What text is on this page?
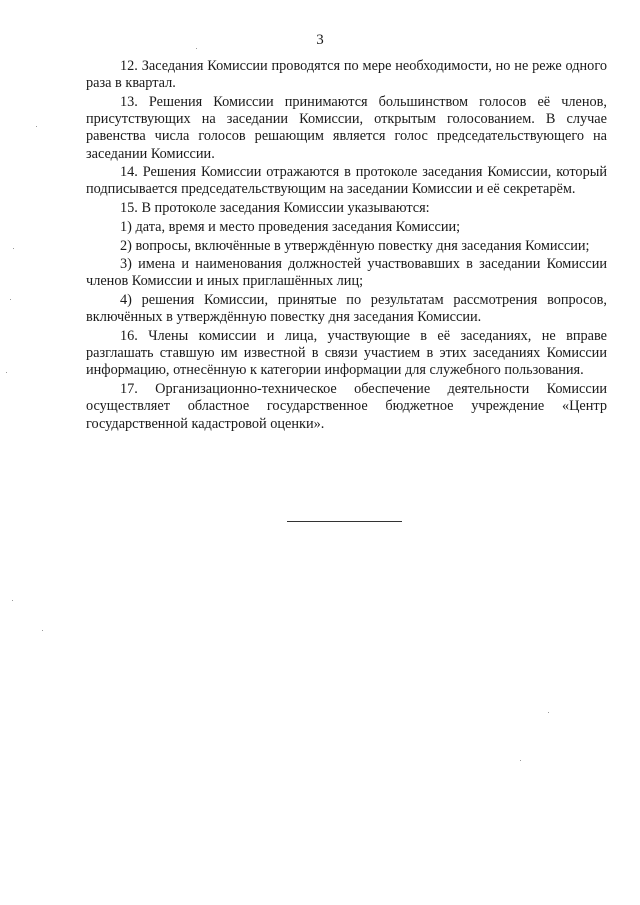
3

12. Заседания Комиссии проводятся по мере необходимости, но не реже одного раза в квартал.

13. Решения Комиссии принимаются большинством голосов её членов, присутствующих на заседании Комиссии, открытым голосованием. В случае равенства числа голосов решающим является голос председательствующего на заседании Комиссии.

14. Решения Комиссии отражаются в протоколе заседания Комиссии, который подписывается председательствующим на заседании Комиссии и её секретарём.

15. В протоколе заседания Комиссии указываются:

1) дата, время и место проведения заседания Комиссии;

2) вопросы, включённые в утверждённую повестку дня заседания Комиссии;

3) имена и наименования должностей участвовавших в заседании Комиссии членов Комиссии и иных приглашённых лиц;

4) решения Комиссии, принятые по результатам рассмотрения вопросов, включённых в утверждённую повестку дня заседания Комиссии.

16. Члены комиссии и лица, участвующие в её заседаниях, не вправе разглашать ставшую им известной в связи участием в этих заседаниях Комиссии информацию, отнесённую к категории информации для служебного пользования.

17. Организационно-техническое обеспечение деятельности Комиссии осуществляет областное государственное бюджетное учреждение «Центр государственной кадастровой оценки».
